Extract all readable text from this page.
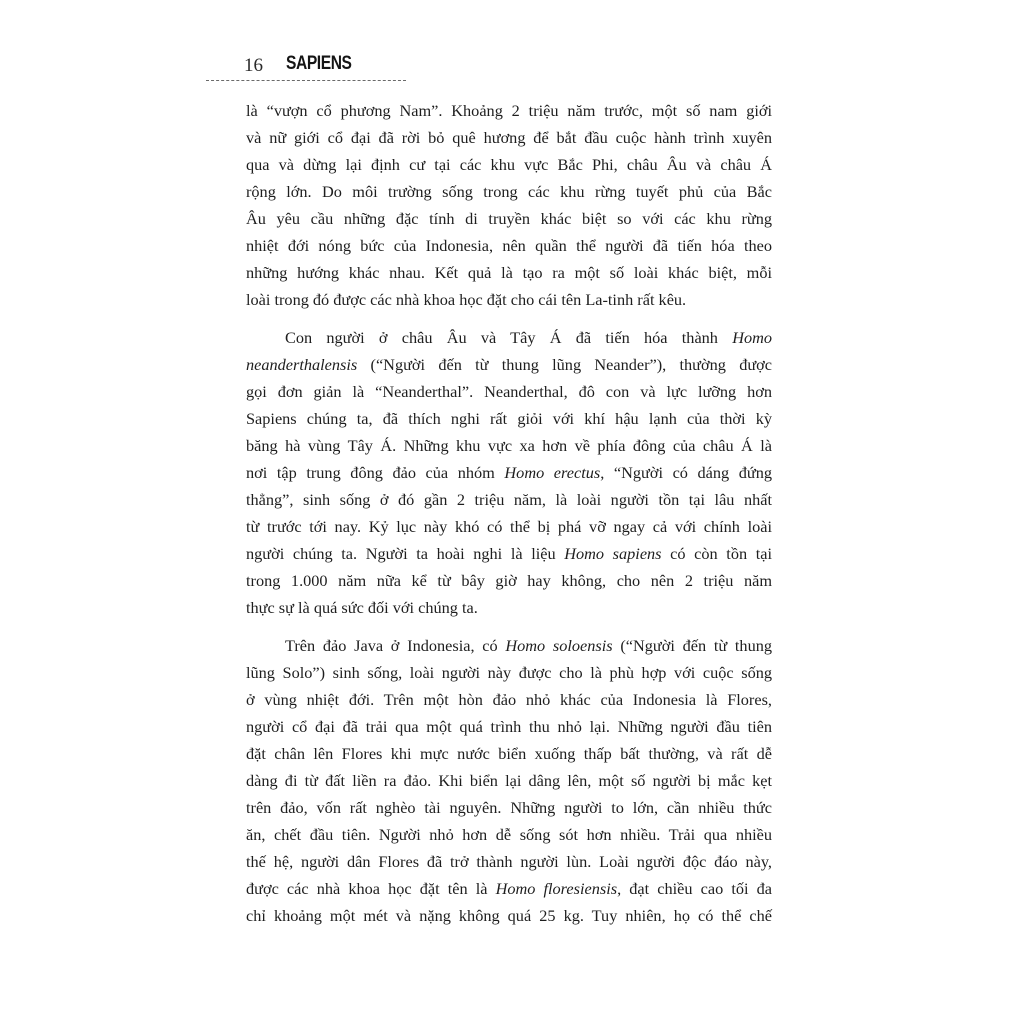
16 SAPIENS

là “vượn cổ phương Nam”. Khoảng 2 triệu năm trước, một số nam giới
và nữ giới cổ đại đã rời bỏ quê hương để bắt đầu cuộc hành trình xuyên
qua và dừng lại định cư tại các khu vực Bắc Phi, châu Âu và châu Á
rộng lớn. Do môi trường sống trong các khu rừng tuyết phủ của Bắc
Âu yêu cầu những đặc tính di truyền khác biệt so với các khu rừng
nhiệt đới nóng bức của Indonesia, nên quần thể người đã tiến hóa theo
những hướng khác nhau. Kết quả là tạo ra một số loài khác biệt, mỗi
loài trong đó được các nhà khoa học đặt cho cái tên La-tinh rất kêu.

Con người ở châu Âu và Tây Á đã tiến hóa thành Homo
neanderthalensis (“Người đến từ thung lũng Neander”), thường được
gọi đơn giản là “Neanderthal”. Neanderthal, đô con và lực lưỡng hơn
Sapiens chúng ta, đã thích nghi rất giỏi với khí hậu lạnh của thời kỳ
băng hà vùng Tây Á. Những khu vực xa hơn về phía đông của châu Á là
nơi tập trung đông đảo của nhóm Homo erectus, “Người có dáng đứng
thẳng”, sinh sống ở đó gần 2 triệu năm, là loài người tồn tại lâu nhất
từ trước tới nay. Kỷ lục này khó có thể bị phá vỡ ngay cả với chính loài
người chúng ta. Người ta hoài nghi là liệu Homo sapiens có còn tồn tại
trong 1.000 năm nữa kể từ bây giờ hay không, cho nên 2 triệu năm
thực sự là quá sức đối với chúng ta.

Trên đảo Java ở Indonesia, có Homo soloensis (“Người đến từ thung
lũng Solo”) sinh sống, loài người này được cho là phù hợp với cuộc sống
ở vùng nhiệt đới. Trên một hòn đảo nhỏ khác của Indonesia là Flores,
người cổ đại đã trải qua một quá trình thu nhỏ lại. Những người đầu tiên
đặt chân lên Flores khi mực nước biển xuống thấp bất thường, và rất dễ
dàng đi từ đất liền ra đảo. Khi biển lại dâng lên, một số người bị mắc kẹt
trên đảo, vốn rất nghèo tài nguyên. Những người to lớn, cần nhiều thức
ăn, chết đầu tiên. Người nhỏ hơn dễ sống sót hơn nhiều. Trải qua nhiều
thế hệ, người dân Flores đã trở thành người lùn. Loài người độc đáo này,
được các nhà khoa học đặt tên là Homo floresiensis, đạt chiều cao tối đa
chỉ khoảng một mét và nặng không quá 25 kg. Tuy nhiên, họ có thể chế
